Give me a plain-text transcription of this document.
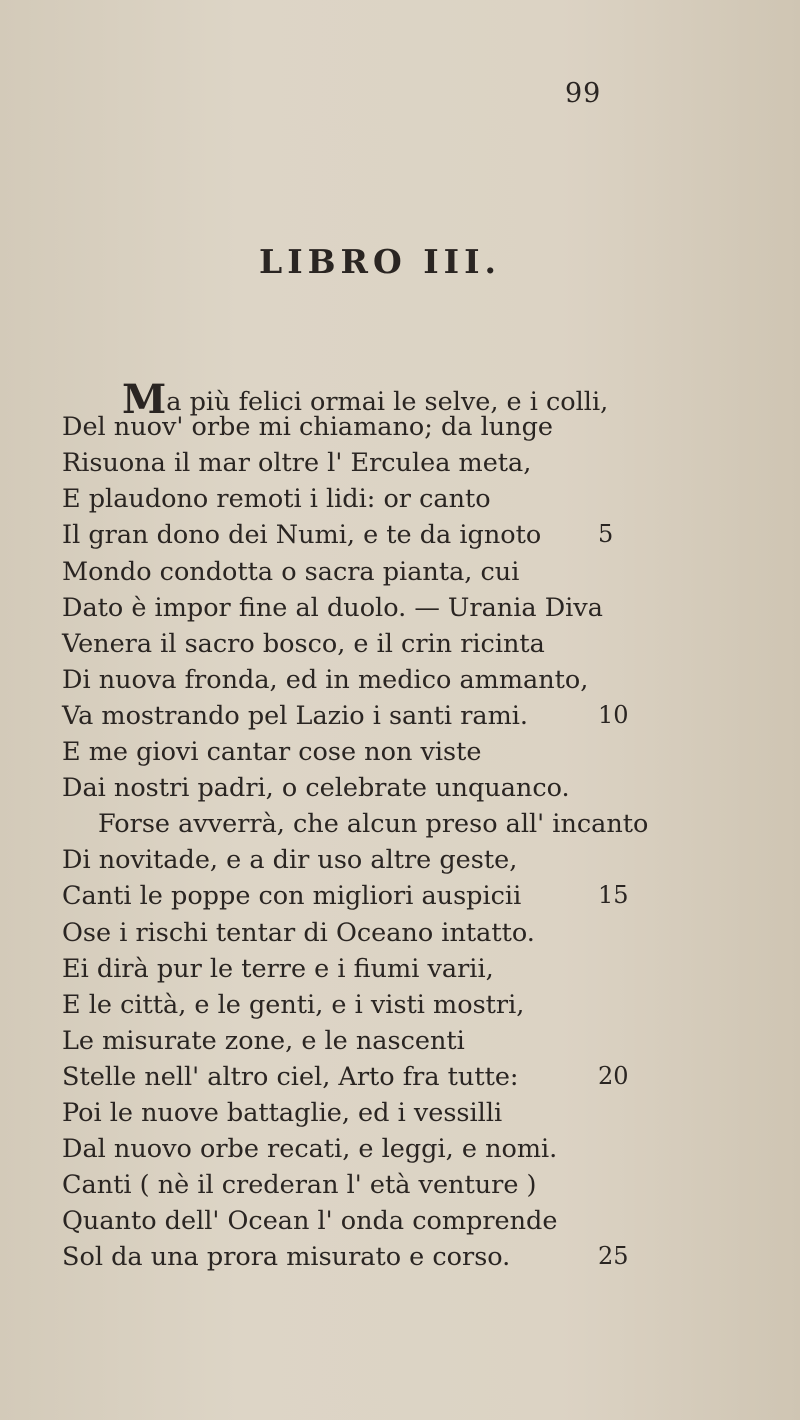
99
LIBRO III.
Ma più felici ormai le selve, e i colli,
Del nuov' orbe mi chiamano; da lunge
Risuona il mar oltre l' Erculea meta,
E plaudono remoti i lidi: or canto
Il gran dono dei Numi, e te da ignoto 5
Mondo condotta o sacra pianta, cui
Dato è impor fine al duolo. — Urania Diva
Venera il sacro bosco, e il crin ricinta
Di nuova fronda, ed in medico ammanto,
Va mostrando pel Lazio i santi rami.	10
E me giovi cantar cose non viste
Dai nostri padri, o celebrate unquanco.
Forse avverrà, che alcun preso all' incanto
Di novitade, e a dir uso altre geste,
Canti le poppe con migliori auspicii	15
Ose i rischi tentar di Oceano intatto.
Ei dirà pur le terre e i fiumi varii,
E le città, e le genti, e i visti mostri,
Le misurate zone, e le nascenti
Stelle nell' altro ciel, Arto fra tutte:	20
Poi le nuove battaglie, ed i vessilli
Dal nuovo orbe recati, e leggi, e nomi.
Canti ( nè il crederan l' età venture )
Quanto dell' Ocean l' onda comprende
Sol da una prora misurato e corso.	25
